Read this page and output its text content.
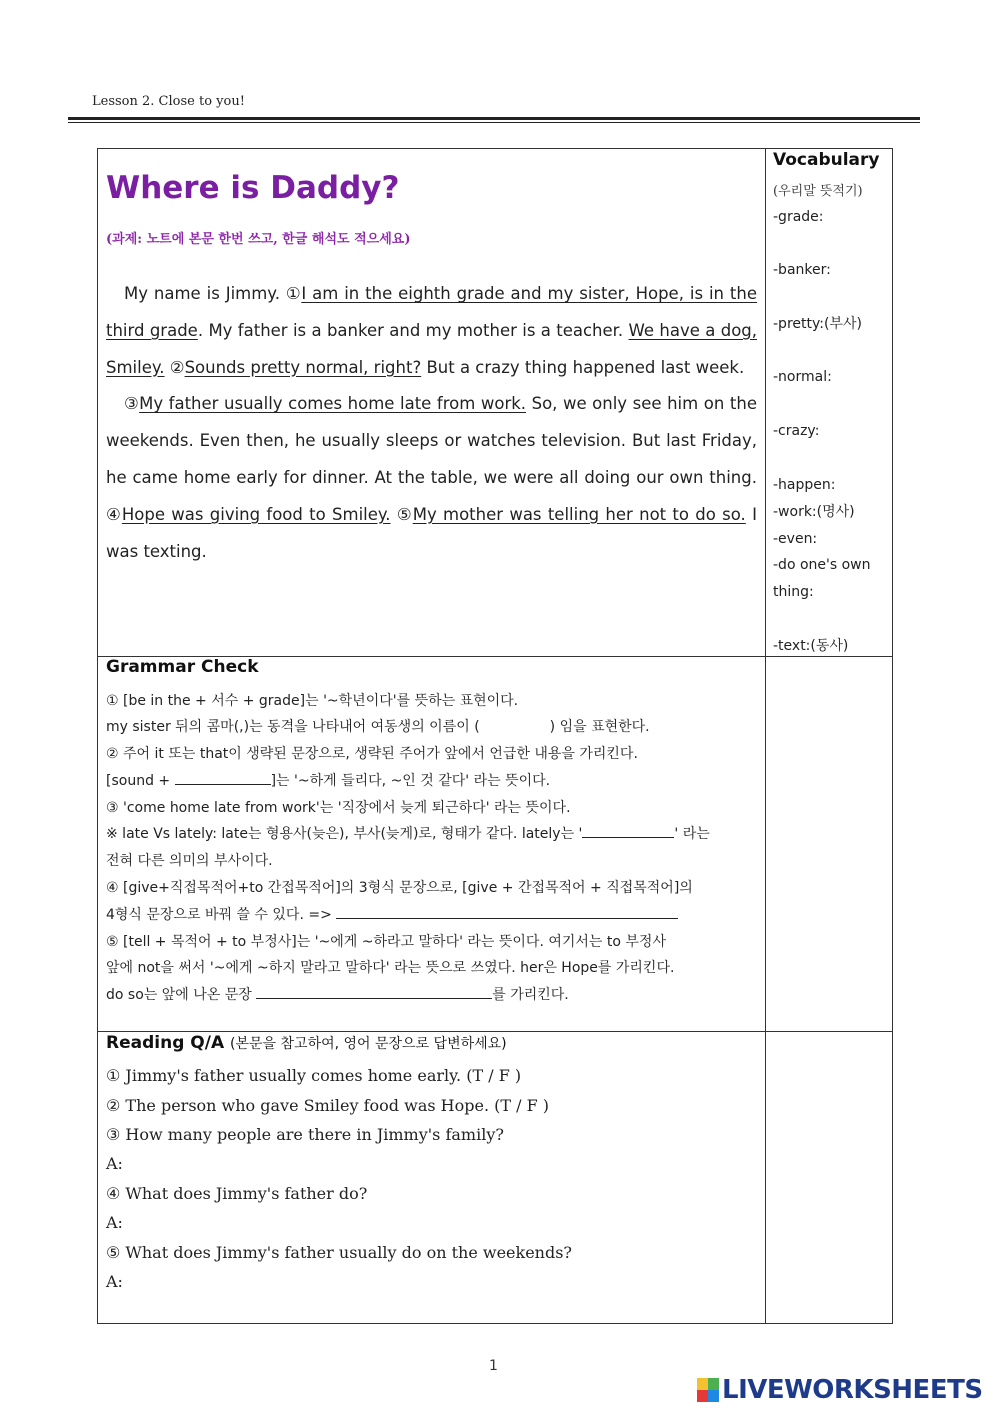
Lesson 2. Close to you!
Where is Daddy?
(과제: 노트에 본문 한번 쓰고, 한글 해석도 적으세요)

My name is Jimmy. ①I am in the eighth grade and my sister, Hope, is in the third grade. My father is a banker and my mother is a teacher. We have a dog, Smiley. ②Sounds pretty normal, right? But a crazy thing happened last week.

③My father usually comes home late from work. So, we only see him on the weekends. Even then, he usually sleeps or watches television. But last Friday, he came home early for dinner. At the table, we were all doing our own thing. ④Hope was giving food to Smiley. ⑤My mother was telling her not to do so. I was texting.

Vocabulary
(우리말 뜻적기)
-grade:
-banker:
-pretty:(부사)
-normal:
-crazy:
-happen:
-work:(명사)
-even:
-do one's own
thing:
-text:(동사)
Grammar Check
① [be in the + 서수 + grade]는 '~학년이다'를 뜻하는 표현이다.
my sister 뒤의 콤마(,)는 동격을 나타내어 여동생의 이름이 (	) 임을 표현한다.
② 주어 it 또는 that이 생략된 문장으로, 생략된 주어가 앞에서 언급한 내용을 가리킨다.
[sound +	]는 '~하게 들리다, ~인 것 같다' 라는 뜻이다.
③ 'come home late from work'는 '직장에서 늦게 퇴근하다' 라는 뜻이다.
※ late Vs lately: late는 형용사(늦은), 부사(늦게)로, 형태가 같다. lately는 '	' 라는
전혀 다른 의미의 부사이다.
④ [give+직접목적어+to 간접목적어]의 3형식 문장으로, [give + 간접목적어 + 직접목적어]의
4형식 문장으로 바꿔 쓸 수 있다. =>
⑤ [tell + 목적어 + to 부정사]는 '~에게 ~하라고 말하다' 라는 뜻이다. 여기서는 to 부정사
앞에 not을 써서 '~에게 ~하지 말라고 말하다' 라는 뜻으로 쓰였다. her은 Hope를 가리킨다.
do so는 앞에 나온 문장	를 가리킨다.
Reading Q/A (본문을 참고하여, 영어 문장으로 답변하세요)
① Jimmy's father usually comes home early. (T / F )
② The person who gave Smiley food was Hope. (T / F )
③ How many people are there in Jimmy's family?
A:
④ What does Jimmy's father do?
A:
⑤ What does Jimmy's father usually do on the weekends?
A:
1
LIVEWORKSHEETS
